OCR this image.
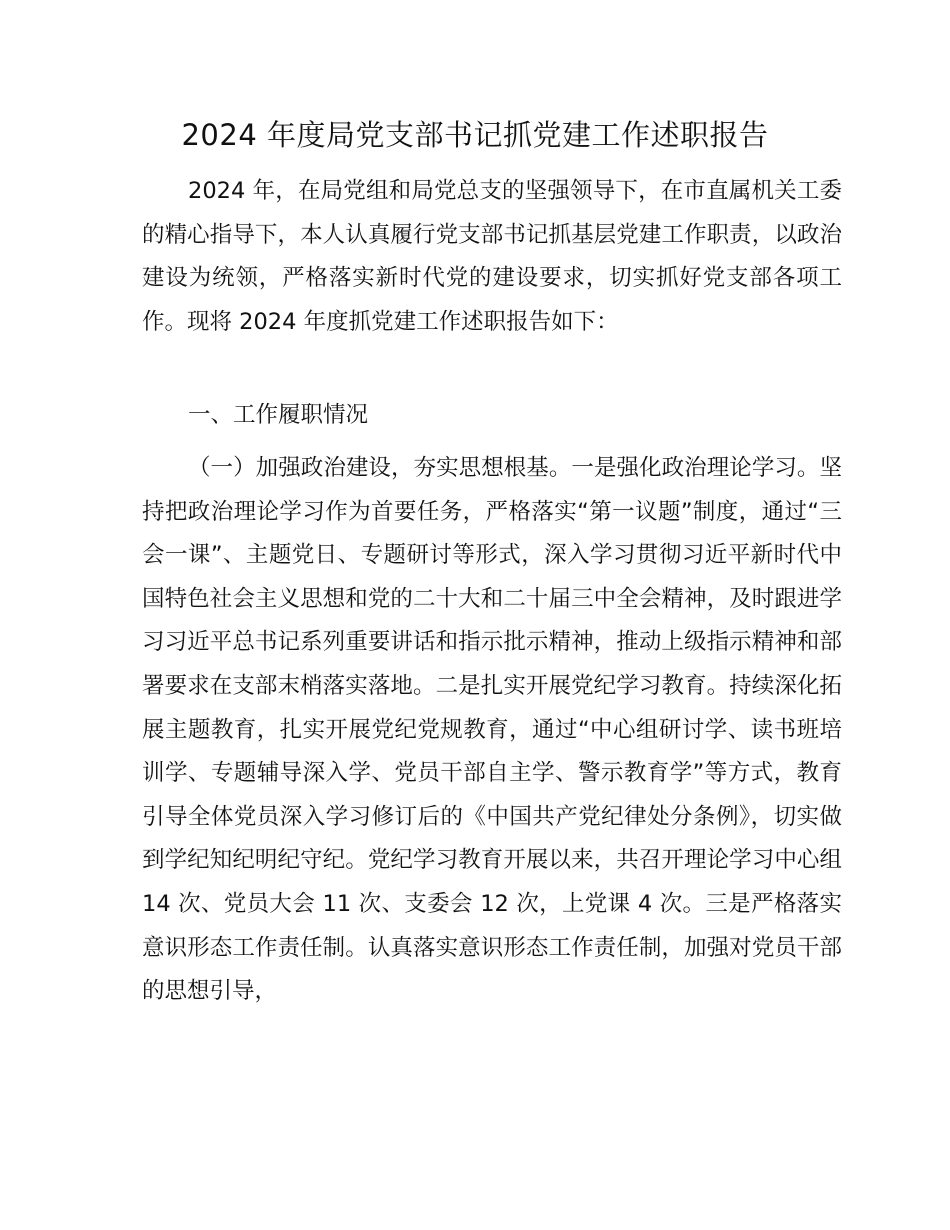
2024 年度局党支部书记抓党建工作述职报告

2024 年，在局党组和局党总支的坚强领导下，在市直属机关工委的精心指导下，本人认真履行党支部书记抓基层党建工作职责，以政治建设为统领，严格落实新时代党的建设要求，切实抓好党支部各项工作。现将 2024 年度抓党建工作述职报告如下：

一、工作履职情况

（一）加强政治建设，夯实思想根基。一是强化政治理论学习。坚持把政治理论学习作为首要任务，严格落实“第一议题”制度，通过“三会一课”、主题党日、专题研讨等形式，深入学习贯彻习近平新时代中国特色社会主义思想和党的二十大和二十届三中全会精神，及时跟进学习习近平总书记系列重要讲话和指示批示精神，推动上级指示精神和部署要求在支部末梢落实落地。二是扎实开展党纪学习教育。持续深化拓展主题教育，扎实开展党纪党规教育，通过“中心组研讨学、读书班培训学、专题辅导深入学、党员干部自主学、警示教育学”等方式，教育引导全体党员深入学习修订后的《中国共产党纪律处分条例》，切实做到学纪知纪明纪守纪。党纪学习教育开展以来，共召开理论学习中心组 14 次、党员大会 11 次、支委会 12 次，上党课 4 次。三是严格落实意识形态工作责任制。认真落实意识形态工作责任制，加强对党员干部的思想引导，
